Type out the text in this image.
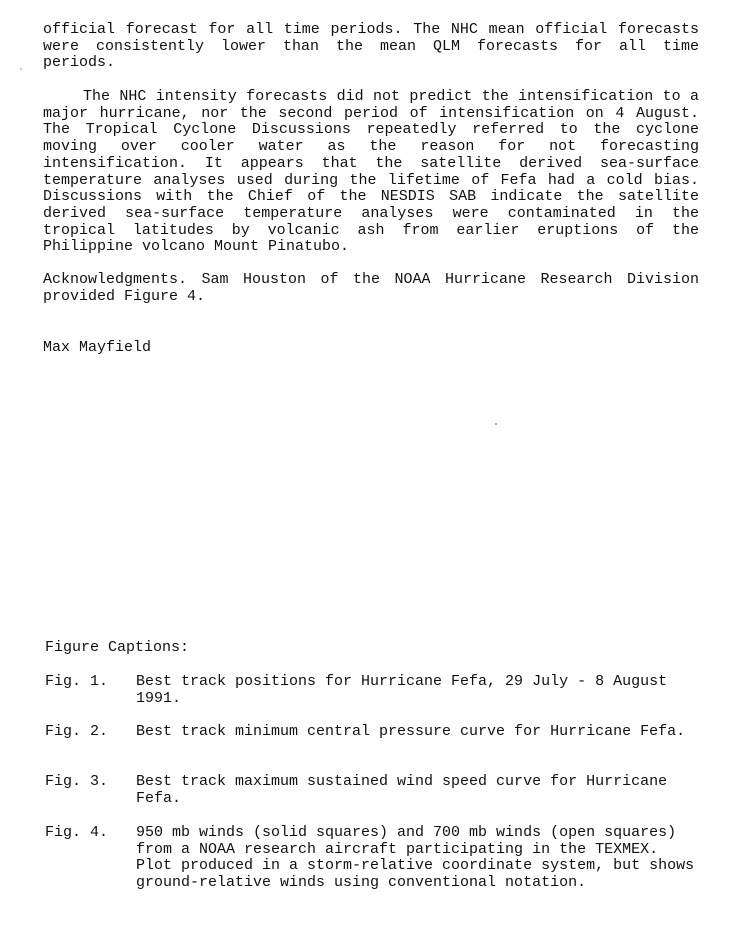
official forecast for all time periods. The NHC mean official forecasts were consistently lower than the mean QLM forecasts for all time periods.

The NHC intensity forecasts did not predict the intensification to a major hurricane, nor the second period of intensification on 4 August. The Tropical Cyclone Discussions repeatedly referred to the cyclone moving over cooler water as the reason for not forecasting intensification. It appears that the satellite derived sea-surface temperature analyses used during the lifetime of Fefa had a cold bias. Discussions with the Chief of the NESDIS SAB indicate the satellite derived sea-surface temperature analyses were contaminated in the tropical latitudes by volcanic ash from earlier eruptions of the Philippine volcano Mount Pinatubo.

Acknowledgments. Sam Houston of the NOAA Hurricane Research Division provided Figure 4.

Max Mayfield

Figure Captions:

Fig. 1. Best track positions for Hurricane Fefa, 29 July - 8 August 1991.
Fig. 2. Best track minimum central pressure curve for Hurricane Fefa.
Fig. 3. Best track maximum sustained wind speed curve for Hurricane Fefa.
Fig. 4. 950 mb winds (solid squares) and 700 mb winds (open squares) from a NOAA research aircraft participating in the TEXMEX. Plot produced in a storm-relative coordinate system, but shows ground-relative winds using conventional notation.
